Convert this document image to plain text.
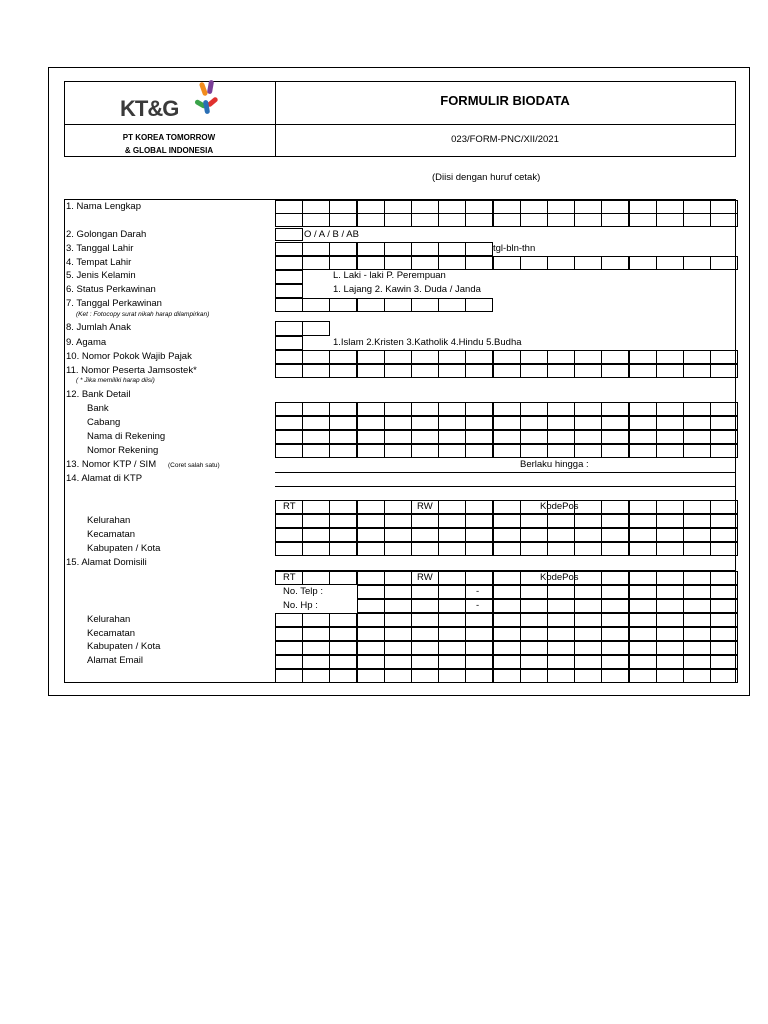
KT&G
PT KOREA TOMORROW
& GLOBAL INDONESIA
FORMULIR BIODATA
023/FORM-PNC/XII/2021
(Diisi dengan huruf cetak)
1. Nama Lengkap
2. Golongan Darah	O / A / B / AB
3. Tanggal Lahir	tgl-bln-thn
4. Tempat Lahir
5. Jenis Kelamin	L. Laki - laki P. Perempuan
6. Status Perkawinan	1. Lajang 2. Kawin 3. Duda / Janda
7. Tanggal Perkawinan
(Ket : Fotocopy surat nikah harap dilampirkan)
8. Jumlah Anak
9. Agama	1.Islam 2.Kristen 3.Katholik 4.Hindu 5.Budha
10. Nomor Pokok Wajib Pajak
11. Nomor Peserta Jamsostek*
( * Jika memiliki harap diisi)
12. Bank Detail
Bank
Cabang
Nama di Rekening
Nomor Rekening
13. Nomor KTP / SIM (Coret salah satu)	Berlaku hingga :
14. Alamat di KTP
RT	RW	KodePos
Kelurahan
Kecamatan
Kabupaten / Kota
15. Alamat Domisili
RT	RW	KodePos
No. Telp :	-
No. Hp :	-
Kelurahan
Kecamatan
Kabupaten / Kota
Alamat Email
